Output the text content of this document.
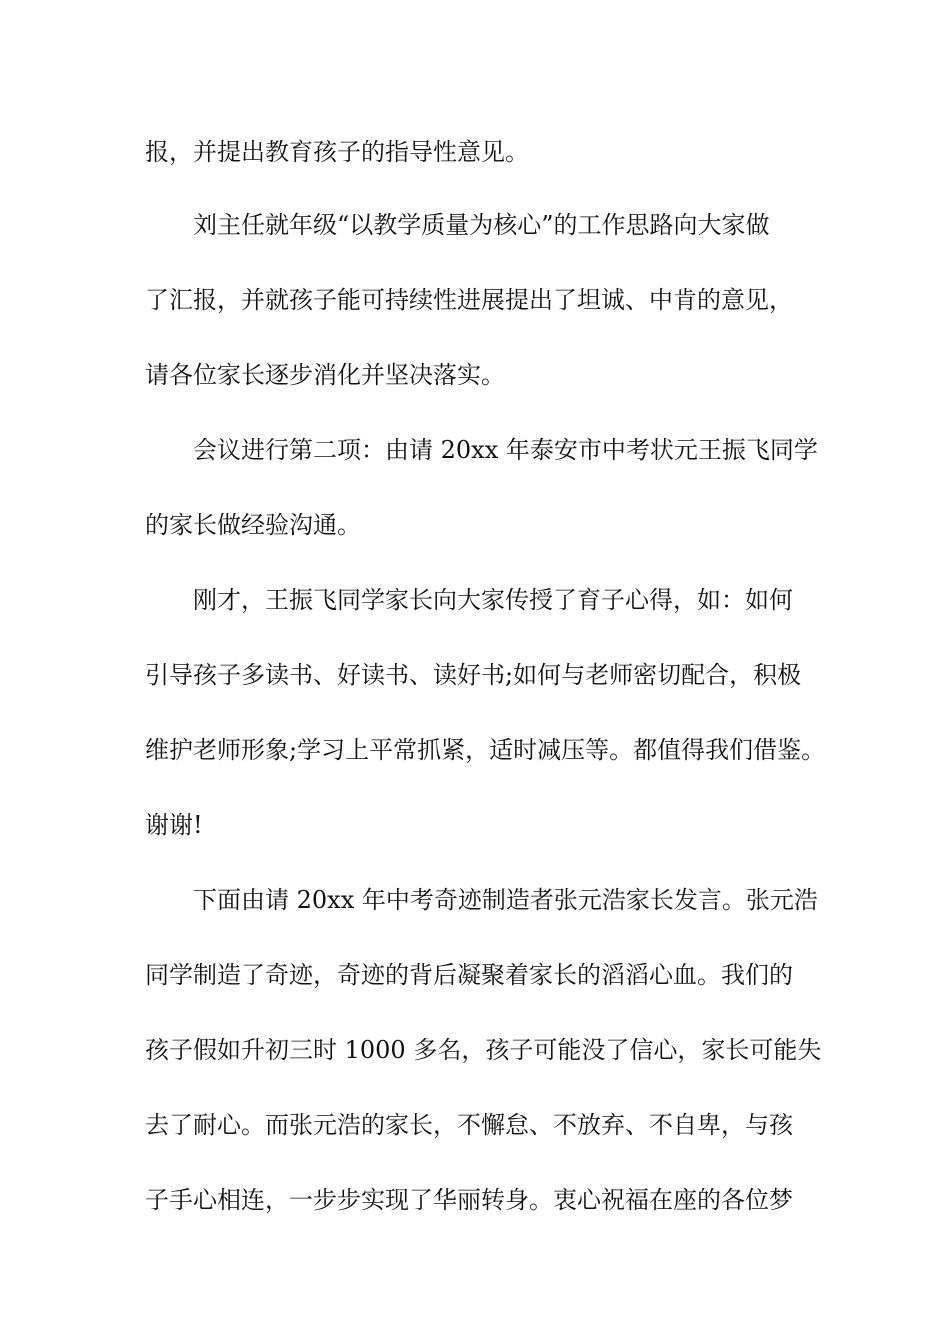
报，并提出教育孩子的指导性意见。

刘主任就年级“以教学质量为核心”的工作思路向大家做

了汇报，并就孩子能可持续性进展提出了坦诚、中肯的意见，

请各位家长逐步消化并坚决落实。

会议进行第二项：由请 20xx 年泰安市中考状元王振飞同学

的家长做经验沟通。

刚才，王振飞同学家长向大家传授了育子心得，如：如何

引导孩子多读书、好读书、读好书;如何与老师密切配合，积极

维护老师形象;学习上平常抓紧，适时减压等。都值得我们借鉴。

谢谢!

下面由请 20xx 年中考奇迹制造者张元浩家长发言。张元浩

同学制造了奇迹，奇迹的背后凝聚着家长的滔滔心血。我们的

孩子假如升初三时 1000 多名，孩子可能没了信心，家长可能失

去了耐心。而张元浩的家长，不懈怠、不放弃、不自卑，与孩

子手心相连，一步步实现了华丽转身。衷心祝福在座的各位梦
